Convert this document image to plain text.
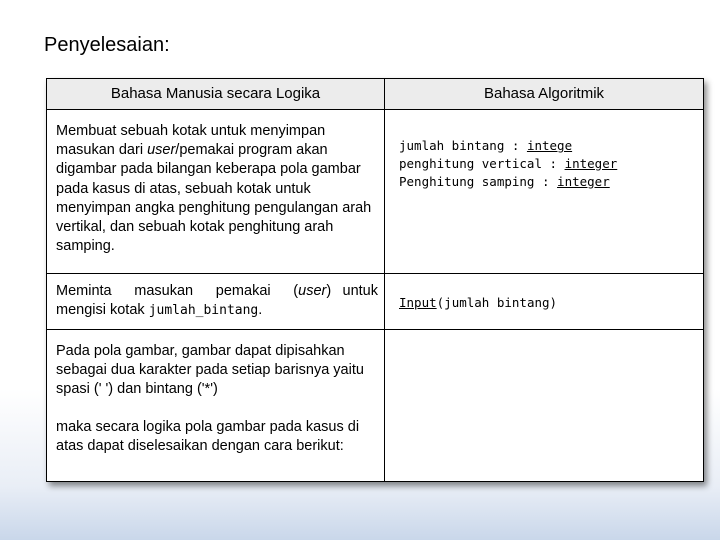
Penyelesaian:
Bahasa Manusia secara Logika	Bahasa Algoritmik
Membuat sebuah kotak untuk menyimpan masukan dari user/pemakai program akan digambar pada bilangan keberapa pola gambar pada kasus di atas, sebuah kotak untuk menyimpan angka penghitung pengulangan arah vertikal, dan sebuah kotak penghitung arah samping.
jumlah bintang : intege
penghitung vertical : integer
Penghitung samping : integer
Meminta  masukan  pemakai  (user) untuk mengisi kotak jumlah_bintang.	Input(jumlah bintang)
Pada pola gambar, gambar dapat dipisahkan sebagai dua karakter pada setiap barisnya yaitu spasi (' ') dan bintang ('*')
maka secara logika pola gambar pada kasus di atas dapat diselesaikan dengan cara berikut:
